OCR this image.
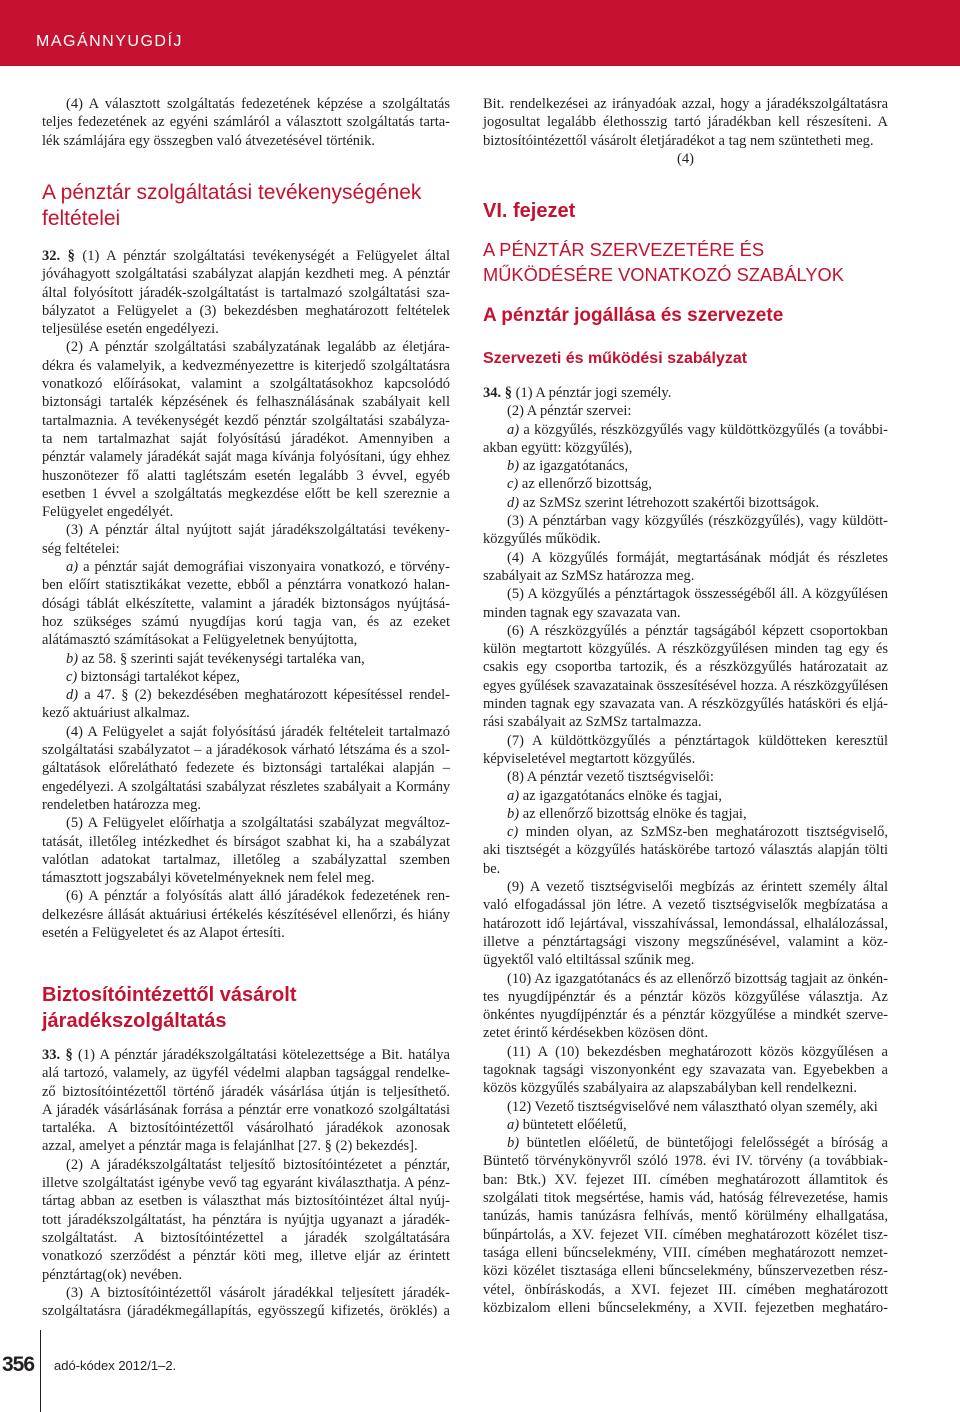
MAGÁNNYUGDÍJ
(4) A választott szolgáltatás fedezetének képzése a szolgáltatás
teljes fedezetének az egyéni számláról a választott szolgáltatás tarta-
lék számlájára egy összegben való átvezetésével történik.
A pénztár szolgáltatási tevékenységének
feltételei
32. § (1) A pénztár szolgáltatási tevékenységét a Felügyelet által
jóváhagyott szolgáltatási szabályzat alapján kezdheti meg. A pénztár
által folyósított járadék-szolgáltatást is tartalmazó szolgáltatási sza-
bályzatot a Felügyelet a (3) bekezdésben meghatározott feltételek
teljesülése esetén engedélyezi.
(2) A pénztár szolgáltatási szabályzatának legalább az életjára-
dékra és valamelyik, a kedvezményezettre is kiterjedő szolgáltatásra
vonatkozó előírásokat, valamint a szolgáltatásokhoz kapcsolódó
biztonsági tartalék képzésének és felhasználásának szabályait kell
tartalmaznia. A tevékenységét kezdő pénztár szolgáltatási szabályza-
ta nem tartalmazhat saját folyósítású járadékot. Amennyiben a
pénztár valamely járadékát saját maga kívánja folyósítani, úgy ehhez
huszonötezer fő alatti taglétszám esetén legalább 3 évvel, egyéb
esetben 1 évvel a szolgáltatás megkezdése előtt be kell szereznie a
Felügyelet engedélyét.
(3) A pénztár által nyújtott saját járadékszolgáltatási tevékeny-
ség feltételei:
a) a pénztár saját demográfiai viszonyaira vonatkozó, e törvény-
ben előírt statisztikákat vezette, ebből a pénztárra vonatkozó halan-
dósági táblát elkészítette, valamint a járadék biztonságos nyújtásá-
hoz szükséges számú nyugdíjas korú tagja van, és az ezeket
alátámasztó számításokat a Felügyeletnek benyújtotta,
b) az 58. § szerinti saját tevékenységi tartaléka van,
c) biztonsági tartalékot képez,
d) a 47. § (2) bekezdésében meghatározott képesítéssel rendel-
kező aktuáriust alkalmaz.
(4) A Felügyelet a saját folyósítású járadék feltételeit tartalmazó
szolgáltatási szabályzatot – a járadékosok várható létszáma és a szol-
gáltatások előrelátható fedezete és biztonsági tartalékai alapján –
engedélyezi. A szolgáltatási szabályzat részletes szabályait a Kormány
rendeletben határozza meg.
(5) A Felügyelet előírhatja a szolgáltatási szabályzat megváltoz-
tatását, illetőleg intézkedhet és bírságot szabhat ki, ha a szabályzat
valótlan adatokat tartalmaz, illetőleg a szabályzattal szemben
támasztott jogszabályi követelményeknek nem felel meg.
(6) A pénztár a folyósítás alatt álló járadékok fedezetének ren-
delkezésre állását aktuáriusi értékelés készítésével ellenőrzi, és hiány
esetén a Felügyeletet és az Alapot értesíti.
Biztosítóintézettől vásárolt
járadékszolgáltatás
33. § (1) A pénztár járadékszolgáltatási kötelezettsége a Bit. hatálya
alá tartozó, valamely, az ügyfél védelmi alapban tagsággal rendelke-
ző biztosítóintézettől történő járadék vásárlása útján is teljesíthető.
A járadék vásárlásának forrása a pénztár erre vonatkozó szolgáltatási
tartaléka. A biztosítóintézettől vásárolható járadékok azonosak
azzal, amelyet a pénztár maga is felajánlhat [27. § (2) bekezdés].
(2) A járadékszolgáltatást teljesítő biztosítóintézetet a pénztár,
illetve szolgáltatást igénybe vevő tag egyaránt kiválaszthatja. A pénz-
tártag abban az esetben is választhat más biztosítóintézet által nyúj-
tott járadékszolgáltatást, ha pénztára is nyújtja ugyanazt a járadék-
szolgáltatást. A biztosítóintézettel a járadék szolgáltatására
vonatkozó szerződést a pénztár köti meg, illetve eljár az érintett
pénztártag(ok) nevében.
(3) A biztosítóintézettől vásárolt járadékkal teljesített járadék-
szolgáltatásra (járadékmegállapítás, egyösszegű kifizetés, öröklés) a
Bit. rendelkezései az irányadóak azzal, hogy a járadékszolgáltatásra
jogosultat legalább élethosszig tartó járadékban kell részesíteni. A
biztosítóintézettől vásárolt életjáradékot a tag nem szüntetheti meg.
(4)
VI. fejezet
A PÉNZTÁR SZERVEZETÉRE ÉS
MŰKÖDÉSÉRE VONATKOZÓ SZABÁLYOK
A pénztár jogállása és szervezete
Szervezeti és működési szabályzat
34. § (1) A pénztár jogi személy.
(2) A pénztár szervei:
a) a közgyűlés, részközgyűlés vagy küldöttközgyűlés (a további-
akban együtt: közgyűlés),
b) az igazgatótanács,
c) az ellenőrző bizottság,
d) az SzMSz szerint létrehozott szakértői bizottságok.
(3) A pénztárban vagy közgyűlés (részközgyűlés), vagy küldött-
közgyűlés működik.
(4) A közgyűlés formáját, megtartásának módját és részletes
szabályait az SzMSz határozza meg.
(5) A közgyűlés a pénztártagok összességéből áll. A közgyűlésen
minden tagnak egy szavazata van.
(6) A részközgyűlés a pénztár tagságából képzett csoportokban
külön megtartott közgyűlés. A részközgyűlésen minden tag egy és
csakis egy csoportba tartozik, és a részközgyűlés határozatait az
egyes gyűlések szavazatainak összesítésével hozza. A részközgyűlésen
minden tagnak egy szavazata van. A részközgyűlés hatásköri és eljá-
rási szabályait az SzMSz tartalmazza.
(7) A küldöttközgyűlés a pénztártagok küldötteken keresztül
képviseletével megtartott közgyűlés.
(8) A pénztár vezető tisztségviselői:
a) az igazgatótanács elnöke és tagjai,
b) az ellenőrző bizottság elnöke és tagjai,
c) minden olyan, az SzMSz-ben meghatározott tisztségviselő,
aki tisztségét a közgyűlés hatáskörébe tartozó választás alapján tölti
be.
(9) A vezető tisztségviselői megbízás az érintett személy által
való elfogadással jön létre. A vezető tisztségviselők megbízatása a
határozott idő lejártával, visszahívással, lemondással, elhalálozással,
illetve a pénztártagsági viszony megszűnésével, valamint a köz-
ügyektől való eltiltással szűnik meg.
(10) Az igazgatótanács és az ellenőrző bizottság tagjait az önkén-
tes nyugdíjpénztár és a pénztár közös közgyűlése választja. Az
önkéntes nyugdíjpénztár és a pénztár közgyűlése a mindkét szerve-
zetet érintő kérdésekben közösen dönt.
(11) A (10) bekezdésben meghatározott közös közgyűlésen a
tagoknak tagsági viszonyonként egy szavazata van. Egyebekben a
közös közgyűlés szabályaira az alapszabályban kell rendelkezni.
(12) Vezető tisztségviselővé nem választható olyan személy, aki
a) büntetett előéletű,
b) büntetlen előéletű, de büntetőjogi felelősségét a bíróság a
Büntető törvénykönyvről szóló 1978. évi IV. törvény (a továbbiak-
ban: Btk.) XV. fejezet III. címében meghatározott államtitok és
szolgálati titok megsértése, hamis vád, hatóság félrevezetése, hamis
tanúzás, hamis tanúzásra felhívás, mentő körülmény elhallgatása,
bűnpártolás, a XV. fejezet VII. címében meghatározott közélet tisz-
tasága elleni bűncselekmény, VIII. címében meghatározott nemzet-
közi közélet tisztasága elleni bűncselekmény, bűnszervezetben rész-
vétel, önbíráskodás, a XVI. fejezet III. címében meghatározott
közbizalom elleni bűncselekmény, a XVII. fejezetben meghatáro-
356 adó-kódex 2012/1–2.
